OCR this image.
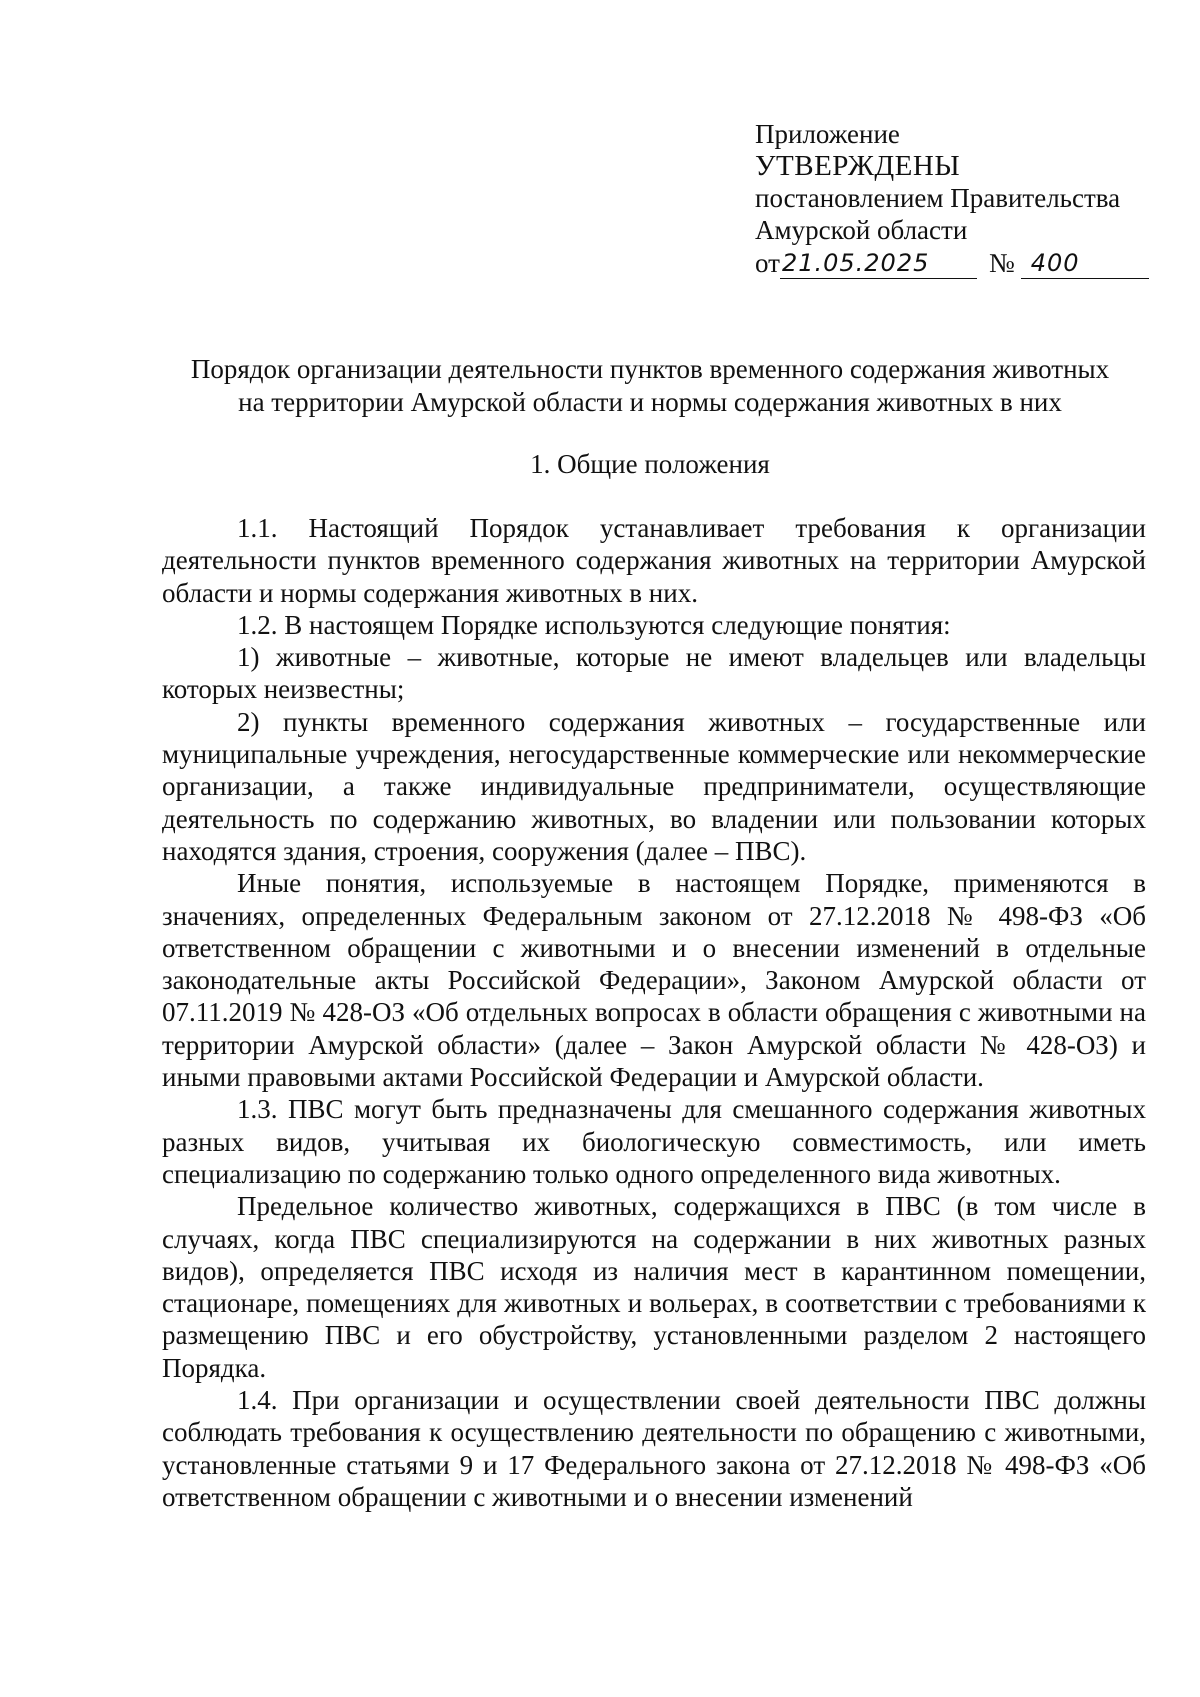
Приложение
УТВЕРЖДЕНЫ
постановлением Правительства
Амурской области
от 21.05.2025	№ 400
Порядок организации деятельности пунктов временного содержания животных
на территории Амурской области и нормы содержания животных в них
1. Общие положения

1.1. Настоящий Порядок устанавливает требования к организации деятельности пунктов временного содержания животных на территории Амурской области и нормы содержания животных в них.

1.2. В настоящем Порядке используются следующие понятия:

1) животные – животные, которые не имеют владельцев или владельцы которых неизвестны;

2) пункты временного содержания животных – государственные или муниципальные учреждения, негосударственные коммерческие или некоммерческие организации, а также индивидуальные предприниматели, осуществляющие деятельность по содержанию животных, во владении или пользовании которых находятся здания, строения, сооружения (далее – ПВС).

Иные понятия, используемые в настоящем Порядке, применяются в значениях, определенных Федеральным законом от 27.12.2018 № 498-ФЗ «Об ответственном обращении с животными и о внесении изменений в отдельные законодательные акты Российской Федерации», Законом Амурской области от 07.11.2019 № 428-ОЗ «Об отдельных вопросах в области обращения с животными на территории Амурской области» (далее – Закон Амурской области № 428-ОЗ) и иными правовыми актами Российской Федерации и Амурской области.

1.3. ПВС могут быть предназначены для смешанного содержания животных разных видов, учитывая их биологическую совместимость, или иметь специализацию по содержанию только одного определенного вида животных.

Предельное количество животных, содержащихся в ПВС (в том числе в случаях, когда ПВС специализируются на содержании в них животных разных видов), определяется ПВС исходя из наличия мест в карантинном помещении, стационаре, помещениях для животных и вольерах, в соответствии с требованиями к размещению ПВС и его обустройству, установленными разделом 2 настоящего Порядка.

1.4. При организации и осуществлении своей деятельности ПВС должны соблюдать требования к осуществлению деятельности по обращению с животными, установленные статьями 9 и 17 Федерального закона от 27.12.2018 № 498-ФЗ «Об ответственном обращении с животными и о внесении изменений
